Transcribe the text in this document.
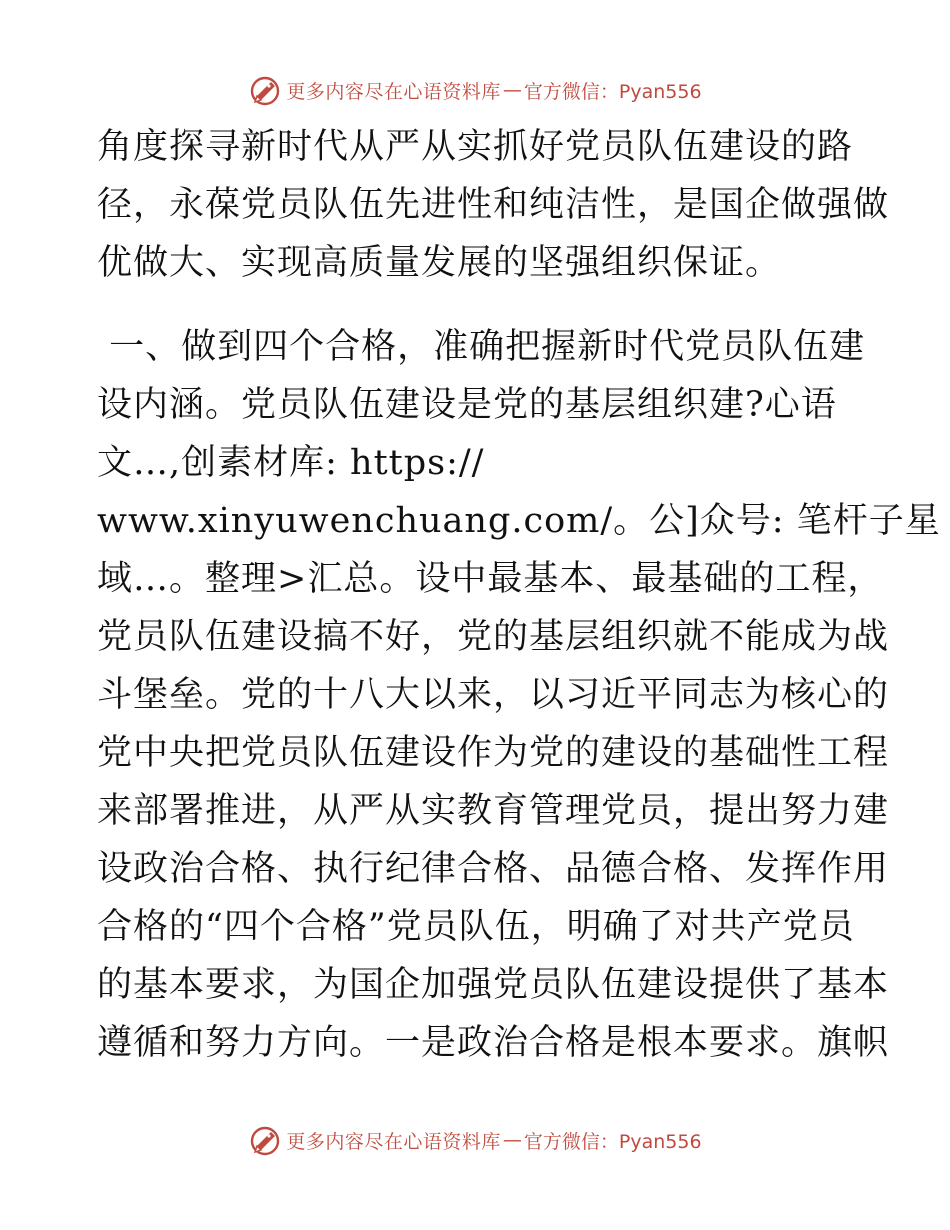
更多内容尽在心语资料库 — 官方微信：Pyan556
角度探寻新时代从严从实抓好党员队伍建设的路
径，永葆党员队伍先进性和纯洁性，是国企做强做
优做大、实现高质量发展的坚强组织保证。
一、做到四个合格，准确把握新时代党员队伍建
设内涵。党员队伍建设是党的基层组织建?心语
文…,创素材库: https://
www.xinyuwenchuang.com/。公]众号: 笔杆子星
域…。整理>汇总。设中最基本、最基础的工程，
党员队伍建设搞不好，党的基层组织就不能成为战
斗堡垒。党的十八大以来，以习近平同志为核心的
党中央把党员队伍建设作为党的建设的基础性工程
来部署推进，从严从实教育管理党员，提出努力建
设政治合格、执行纪律合格、品德合格、发挥作用
合格的“四个合格”党员队伍，明确了对共产党员
的基本要求，为国企加强党员队伍建设提供了基本
遵循和努力方向。一是政治合格是根本要求。旗帜
更多内容尽在心语资料库 — 官方微信：Pyan556
